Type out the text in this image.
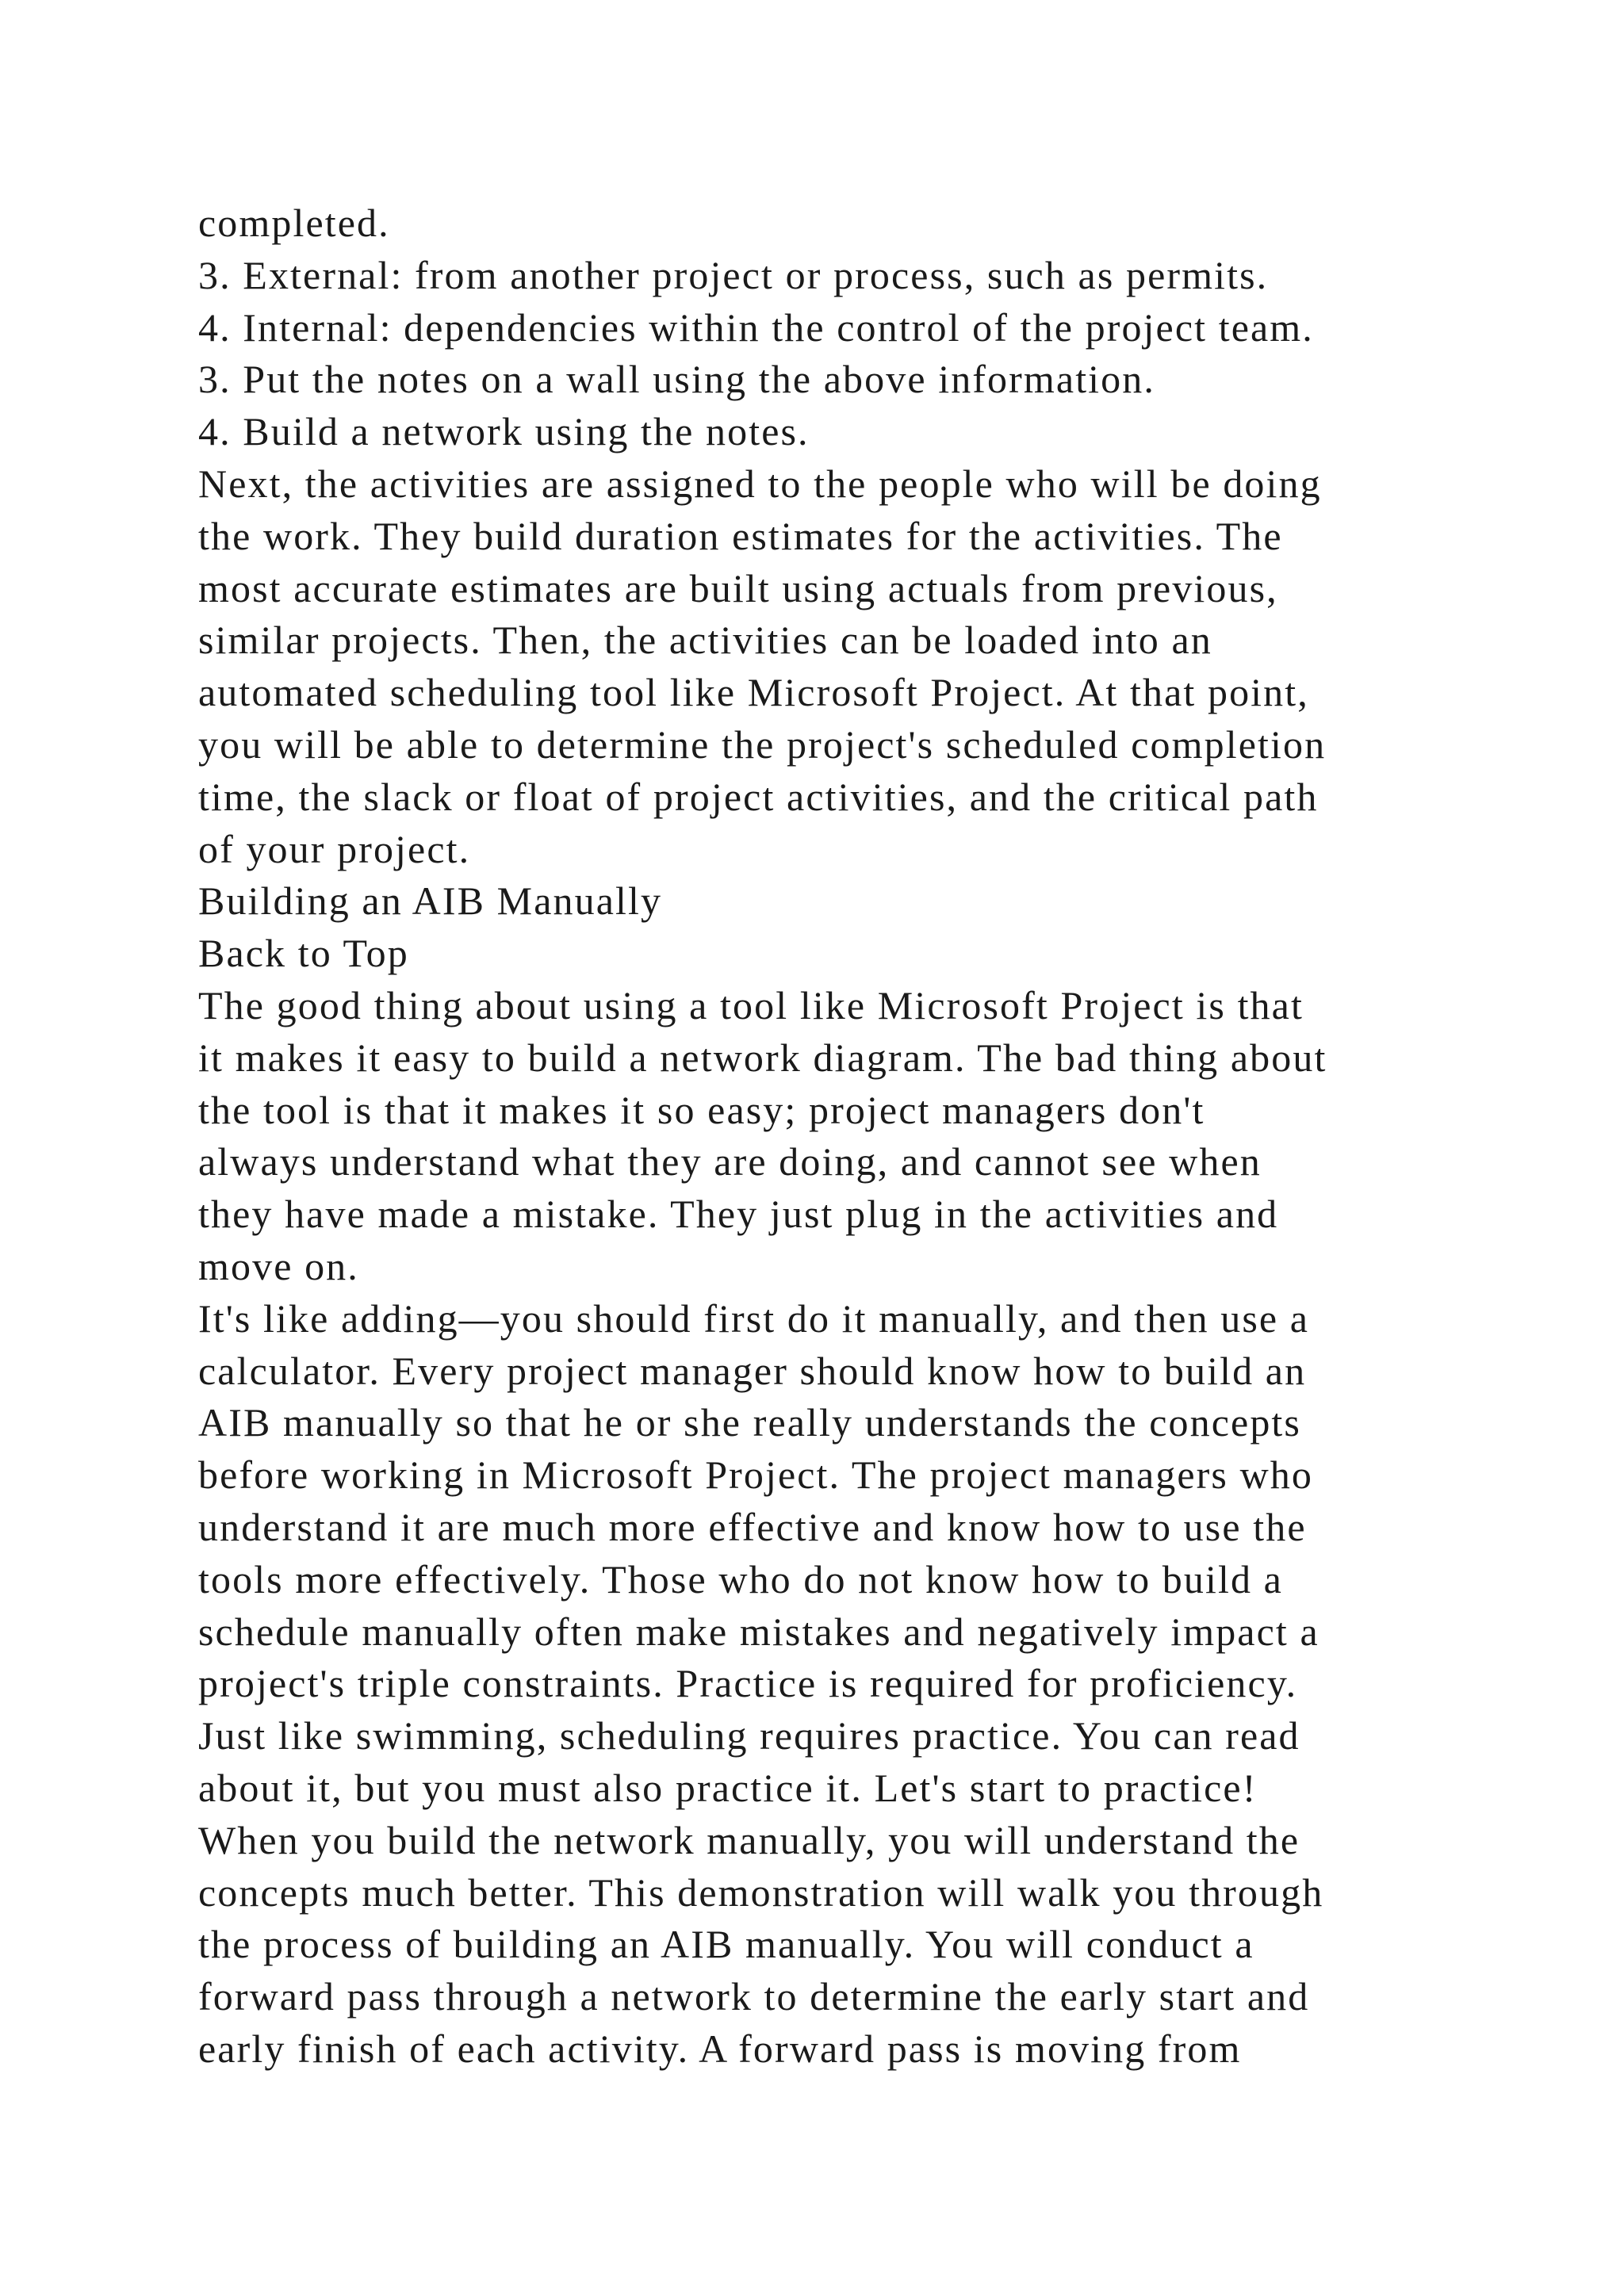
completed.
3. External: from another project or process, such as permits.
4. Internal: dependencies within the control of the project team.
3. Put the notes on a wall using the above information.
4. Build a network using the notes.
Next, the activities are assigned to the people who will be doing
the work. They build duration estimates for the activities. The
most accurate estimates are built using actuals from previous,
similar projects. Then, the activities can be loaded into an
automated scheduling tool like Microsoft Project. At that point,
you will be able to determine the project's scheduled completion
time, the slack or float of project activities, and the critical path
of your project.
Building an AIB Manually
Back to Top
The good thing about using a tool like Microsoft Project is that
it makes it easy to build a network diagram. The bad thing about
the tool is that it makes it so easy; project managers don't
always understand what they are doing, and cannot see when
they have made a mistake. They just plug in the activities and
move on.
It's like adding—you should first do it manually, and then use a
calculator. Every project manager should know how to build an
AIB manually so that he or she really understands the concepts
before working in Microsoft Project. The project managers who
understand it are much more effective and know how to use the
tools more effectively. Those who do not know how to build a
schedule manually often make mistakes and negatively impact a
project's triple constraints. Practice is required for proficiency.
Just like swimming, scheduling requires practice. You can read
about it, but you must also practice it. Let's start to practice!
When you build the network manually, you will understand the
concepts much better. This demonstration will walk you through
the process of building an AIB manually. You will conduct a
forward pass through a network to determine the early start and
early finish of each activity. A forward pass is moving from
